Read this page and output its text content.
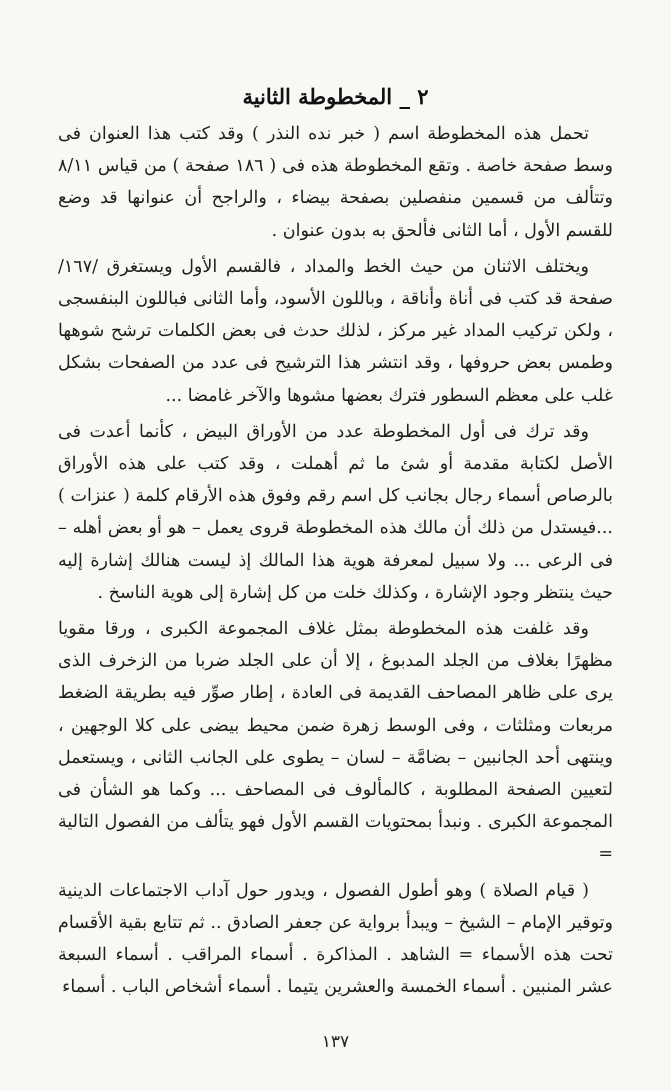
٢ _ المخطوطة الثانية

تحمل هذه المخطوطة اسم ( خبر نده النذر ) وقد كتب هذا العنوان فى وسط صفحة خاصة . وتقع المخطوطة هذه فى ( ١٨٦ صفحة ) من قياس ٨/١١ وتتألف من قسمين منفصلين بصفحة بيضاء ، والراجح أن عنوانها قد وضع للقسم الأول ، أما الثانى فألحق به بدون عنوان .

ويختلف الاثنان من حيث الخط والمداد ، فالقسم الأول ويستغرق /١٦٧/ صفحة قد كتب فى أناة وأناقة ، وباللون الأسود، وأما الثانى فباللون البنفسجى ، ولكن تركيب المداد غير مركز ، لذلك حدث فى بعض الكلمات ترشح شوهها وطمس بعض حروفها ، وقد انتشر هذا الترشيح فى عدد من الصفحات بشكل غلب على معظم السطور فترك بعضها مشوها والآخر غامضا ...

وقد ترك فى أول المخطوطة عدد من الأوراق البيض ، كأنما أعدت فى الأصل لكتابة مقدمة أو شئ ما ثم أهملت ، وقد كتب على هذه الأوراق بالرصاص أسماء رجال بجانب كل اسم رقم وفوق هذه الأرقام كلمة ( عنزات ) ...فيستدل من ذلك أن مالك هذه المخطوطة قروى يعمل – هو أو بعض أهله – فى الرعى ... ولا سبيل لمعرفة هوية هذا المالك إذ ليست هنالك إشارة إليه حيث ينتظر وجود الإشارة ، وكذلك خلت من كل إشارة إلى هوية الناسخ .

وقد غلفت هذه المخطوطة بمثل غلاف المجموعة الكبرى ، ورقا مقويا مظهرًا بغلاف من الجلد المدبوغ ، إلا أن على الجلد ضربا من الزخرف الذى يرى على ظاهر المصاحف القديمة فى العادة ، إطار صوِّر فيه بطريقة الضغط مربعات ومثلثات ، وفى الوسط زهرة ضمن محيط بيضى على كلا الوجهين ، وينتهى أحد الجانبين – بضامَّة – لسان – يطوى على الجانب الثانى ، ويستعمل لتعيين الصفحة المطلوبة ، كالمألوف فى المصاحف ... وكما هو الشأن فى المجموعة الكبرى . ونبدأ بمحتويات القسم الأول فهو يتألف من الفصول التالية =

( قيام الصلاة ) وهو أطول الفصول ، ويدور حول آداب الاجتماعات الدينية وتوقير الإمام – الشيخ – ويبدأ برواية عن جعفر الصادق .. ثم تتابع بقية الأقسام تحت هذه الأسماء = الشاهد . المذاكرة . أسماء المراقب . أسماء السبعة عشر المنبين . أسماء الخمسة والعشرين يتيما . أسماء أشخاص الباب . أسماء

١٣٧
